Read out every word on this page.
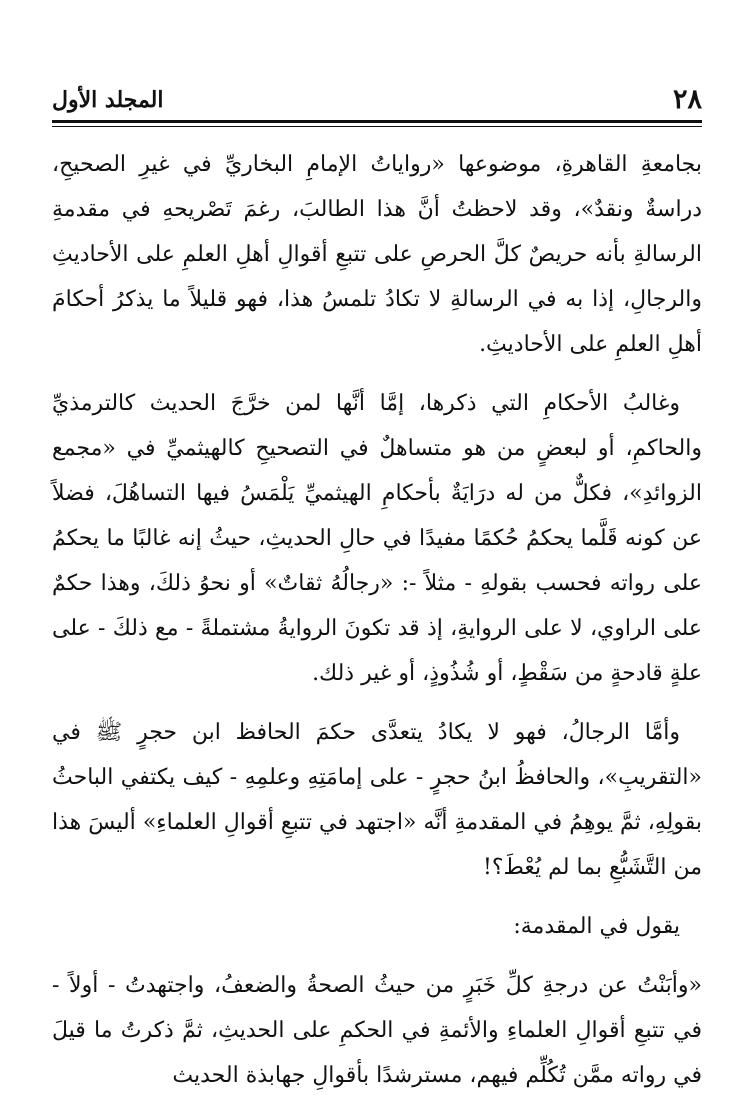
٢٨
المجلد الأول

بجامعةِ القاهرةِ، موضوعها «رواياتُ الإمامِ البخاريِّ في غيرِ الصحيحِ، دراسةٌ ونقدٌ»، وقد لاحظتُ أنَّ هذا الطالبَ، رغمَ تَصْريحهِ في مقدمةِ الرسالةِ بأنه حريصٌ كلَّ الحرصِ على تتبعِ أقوالِ أهلِ العلمِ على الأحاديثِ والرجالِ، إذا به في الرسالةِ لا تكادُ تلمسُ هذا، فهو قليلاً ما يذكرُ أحكامَ أهلِ العلمِ على الأحاديثِ.

وغالبُ الأحكامِ التي ذكرها، إمَّا أنَّها لمن خرَّجَ الحديث كالترمذيِّ والحاكمِ، أو لبعضٍ من هو متساهلٌ في التصحيحِ كالهيثميِّ في «مجمع الزوائدِ»، فكلٌّ من له درَايَةٌ بأحكامِ الهيثميِّ يَلْمَسُ فيها التساهُلَ، فضلاً عن كونه قَلَّما يحكمُ حُكمًا مفيدًا في حالِ الحديثِ، حيثُ إنه غالبًا ما يحكمُ على رواته فحسب بقولهِ - مثلاً -: «رجالُهُ ثقاتٌ» أو نحوُ ذلكَ، وهذا حكمٌ على الراوي، لا على الروايةِ، إذ قد تكونَ الروايةُ مشتملةً - مع ذلكَ - على علةٍ قادحةٍ من سَقْطٍ، أو شُذُوذٍ، أو غير ذلك.

وأمَّا الرجالُ، فهو لا يكادُ يتعدَّى حكمَ الحافظ ابن حجرٍ ﷺ في «التقريبِ»، والحافظُ ابنُ حجرٍ - على إمامَتِهِ وعلمِهِ - كيف يكتفي الباحثُ بقولِهِ، ثمَّ يوهِمُ في المقدمةِ أنَّه «اجتهد في تتبعِ أقوالِ العلماءِ» أليسَ هذا من التَّشَبُّعِ بما لم يُعْطَ؟!

يقول في المقدمة:

«وأبَنْتُ عن درجةِ كلِّ خَبَرٍ من حيثُ الصحةُ والضعفُ، واجتهدتُ - أولاً - في تتبعِ أقوالِ العلماءِ والأئمةِ في الحكمِ على الحديثِ، ثمَّ ذكرتُ ما قيلَ في رواته ممَّن تُكُلِّم فيهم، مسترشدًا بأقوالِ جهابذة الحديث
